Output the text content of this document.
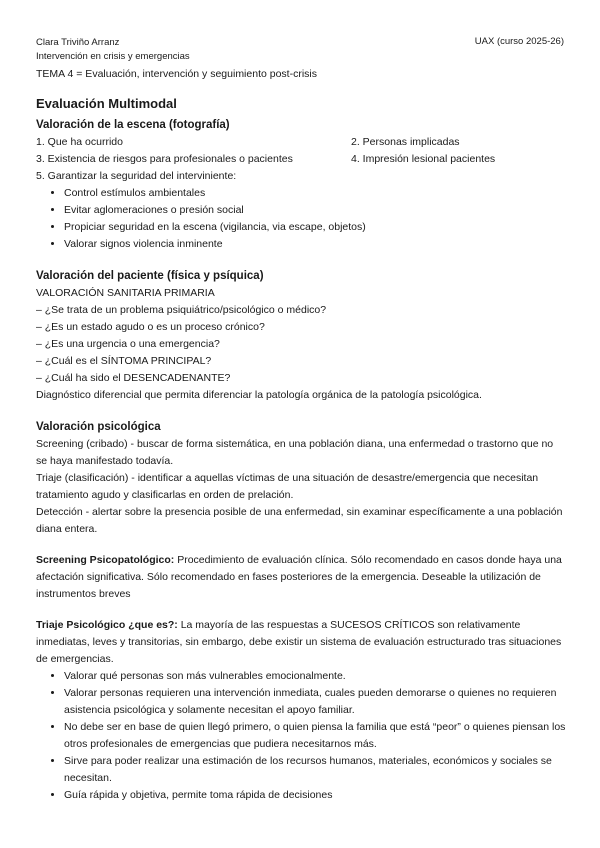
Clara Triviño Arranz
Intervención en crisis y emergencias
UAX (curso 2025-26)
TEMA 4 = Evaluación, intervención y seguimiento post-crisis
Evaluación Multimodal
Valoración de la escena (fotografía)
1. Que ha ocurrido	2. Personas implicadas
3. Existencia de riesgos para profesionales o pacientes	4. Impresión lesional pacientes

5. Garantizar la seguridad del interviniente:

• Control estímulos ambientales
• Evitar aglomeraciones o presión social
• Propiciar seguridad en la escena (vigilancia, via escape, objetos)
• Valorar signos violencia inminente
Valoración del paciente (física y psíquica)

VALORACIÓN SANITARIA PRIMARIA

– ¿Se trata de un problema psiquiátrico/psicológico o médico?

– ¿Es un estado agudo o es un proceso crónico?

– ¿Es una urgencia o una emergencia?

– ¿Cuál es el SÍNTOMA PRINCIPAL?

– ¿Cuál ha sido el DESENCADENANTE?

Diagnóstico diferencial que permita diferenciar la patología orgánica de la patología psicológica.

Valoración psicológica

Screening (cribado) - buscar de forma sistemática, en una población diana, una enfermedad o trastorno que no se haya manifestado todavía.

Triaje (clasificación) - identificar a aquellas víctimas de una situación de desastre/emergencia que necesitan tratamiento agudo y clasificarlas en orden de prelación.

Detección - alertar sobre la presencia posible de una enfermedad, sin examinar específicamente a una población diana entera.

Screening Psicopatológico: Procedimiento de evaluación clínica. Sólo recomendado en casos donde haya una afectación significativa. Sólo recomendado en fases posteriores de la emergencia. Deseable la utilización de instrumentos breves

Triaje Psicológico ¿que es?: La mayoría de las respuestas a SUCESOS CRÍTICOS son relativamente inmediatas, leves y transitorias, sin embargo, debe existir un sistema de evaluación estructurado tras situaciones de emergencias.

• Valorar qué personas son más vulnerables emocionalmente.
• Valorar personas requieren una intervención inmediata, cuales pueden demorarse o quienes no requieren asistencia psicológica y solamente necesitan el apoyo familiar.
• No debe ser en base de quien llegó primero, o quien piensa la familia que está “peor” o quienes piensan los otros profesionales de emergencias que pudiera necesitarnos más.
• Sirve para poder realizar una estimación de los recursos humanos, materiales, económicos y sociales se necesitan.
• Guía rápida y objetiva, permite toma rápida de decisiones
